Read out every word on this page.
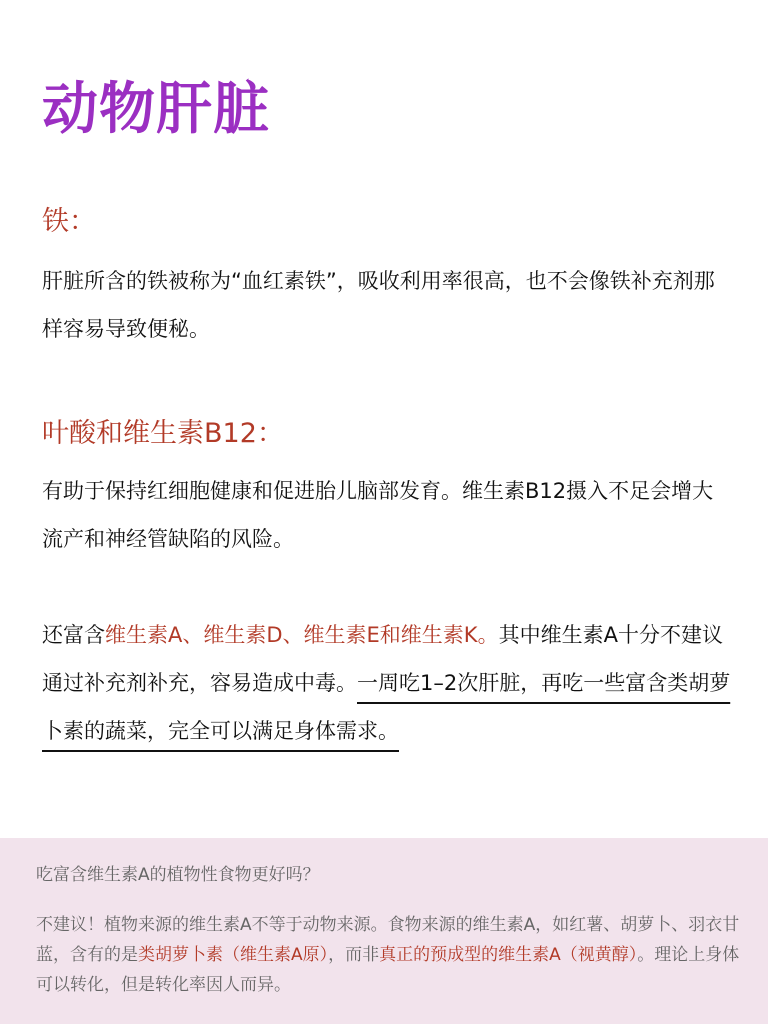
动物肝脏
铁：

肝脏所含的铁被称为“血红素铁”，吸收利用率很高，也不会像铁补充剂那样容易导致便秘。

叶酸和维生素B12：

有助于保持红细胞健康和促进胎儿脑部发育。维生素B12摄入不足会增大流产和神经管缺陷的风险。

还富含维生素A、维生素D、维生素E和维生素K。其中维生素A十分不建议通过补充剂补充，容易造成中毒。一周吃1–2次肝脏，再吃一些富含类胡萝卜素的蔬菜，完全可以满足身体需求。

吃富含维生素A的植物性食物更好吗？

不建议！植物来源的维生素A不等于动物来源。食物来源的维生素A，如红薯、胡萝卜、羽衣甘蓝，含有的是类胡萝卜素（维生素A原），而非真正的预成型的维生素A（视黄醇）。理论上身体可以转化，但是转化率因人而异。
